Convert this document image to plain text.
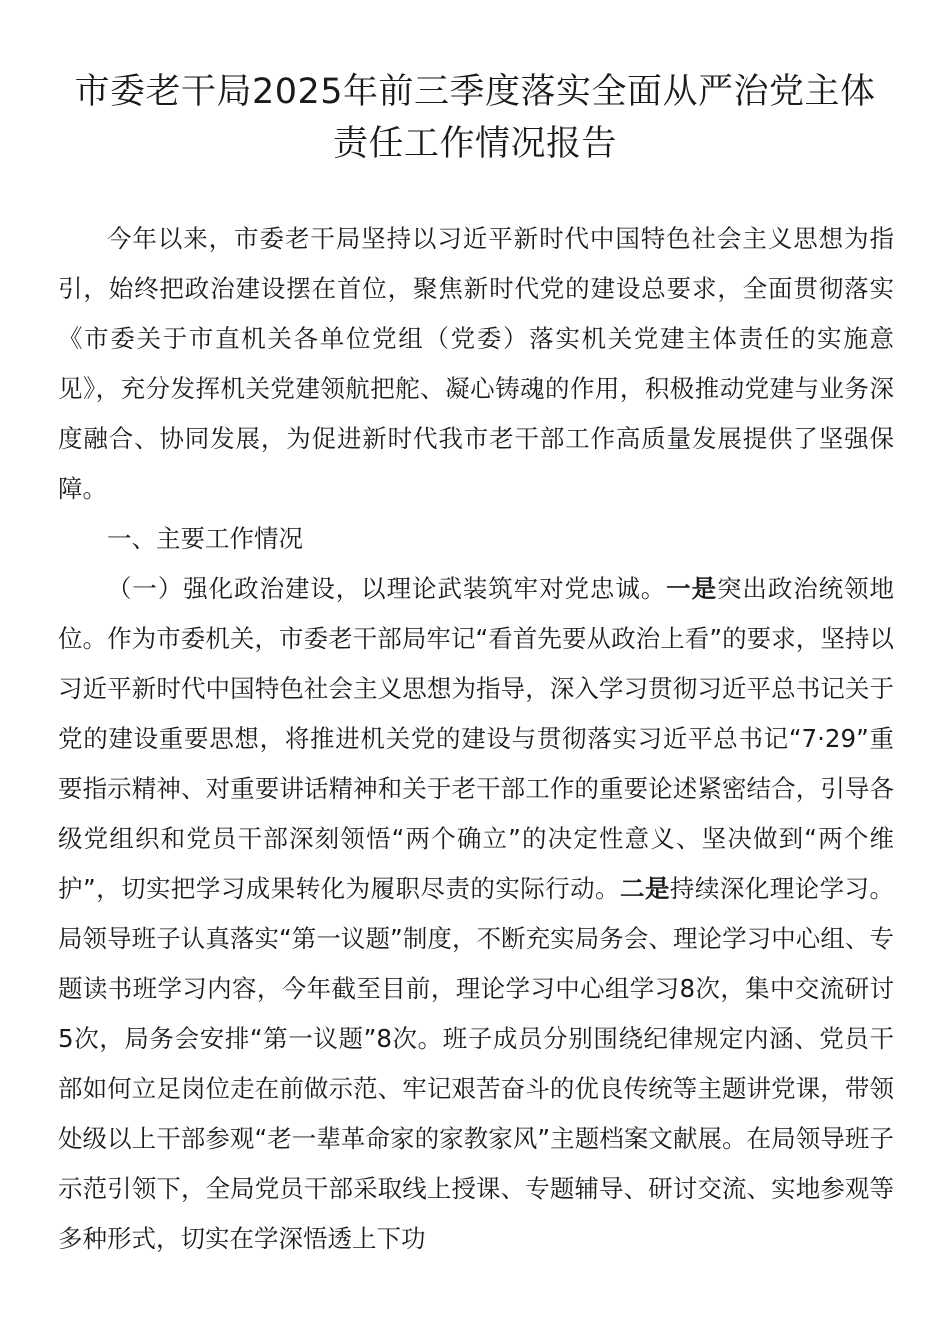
市委老干局2025年前三季度落实全面从严治党主体
责任工作情况报告

今年以来，市委老干局坚持以习近平新时代中国特色社会主义思想为指引，始终把政治建设摆在首位，聚焦新时代党的建设总要求，全面贯彻落实《市委关于市直机关各单位党组（党委）落实机关党建主体责任的实施意见》，充分发挥机关党建领航把舵、凝心铸魂的作用，积极推动党建与业务深度融合、协同发展，为促进新时代我市老干部工作高质量发展提供了坚强保障。

一、主要工作情况

（一）强化政治建设，以理论武装筑牢对党忠诚。一是突出政治统领地位。作为市委机关，市委老干部局牢记“看首先要从政治上看”的要求，坚持以习近平新时代中国特色社会主义思想为指导，深入学习贯彻习近平总书记关于党的建设重要思想，将推进机关党的建设与贯彻落实习近平总书记“7·29”重要指示精神、对重要讲话精神和关于老干部工作的重要论述紧密结合，引导各级党组织和党员干部深刻领悟“两个确立”的决定性意义、坚决做到“两个维护”，切实把学习成果转化为履职尽责的实际行动。二是持续深化理论学习。局领导班子认真落实“第一议题”制度，不断充实局务会、理论学习中心组、专题读书班学习内容，今年截至目前，理论学习中心组学习8次，集中交流研讨5次，局务会安排“第一议题”8次。班子成员分别围绕纪律规定内涵、党员干部如何立足岗位走在前做示范、牢记艰苦奋斗的优良传统等主题讲党课，带领处级以上干部参观“老一辈革命家的家教家风”主题档案文献展。在局领导班子示范引领下，全局党员干部采取线上授课、专题辅导、研讨交流、实地参观等多种形式，切实在学深悟透上下功
